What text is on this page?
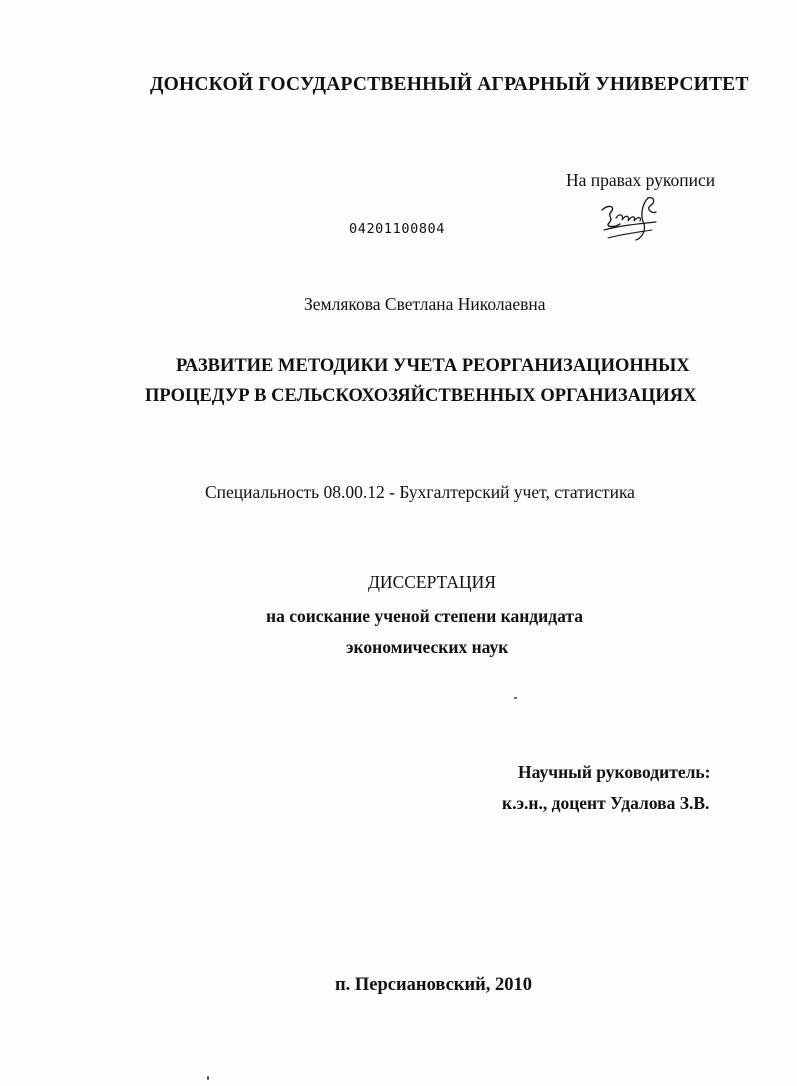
ДОНСКОЙ ГОСУДАРСТВЕННЫЙ АГРАРНЫЙ УНИВЕРСИТЕТ
На правах рукописи
04201100804
Землякова Светлана Николаевна
РАЗВИТИЕ МЕТОДИКИ УЧЕТА РЕОРГАНИЗАЦИОННЫХ
ПРОЦЕДУР В СЕЛЬСКОХОЗЯЙСТВЕННЫХ ОРГАНИЗАЦИЯХ
Специальность 08.00.12 - Бухгалтерский учет, статистика
ДИССЕРТАЦИЯ
на соискание ученой степени кандидата
экономических наук
Научный руководитель:
к.э.н., доцент Удалова З.В.
п. Персиановский, 2010
